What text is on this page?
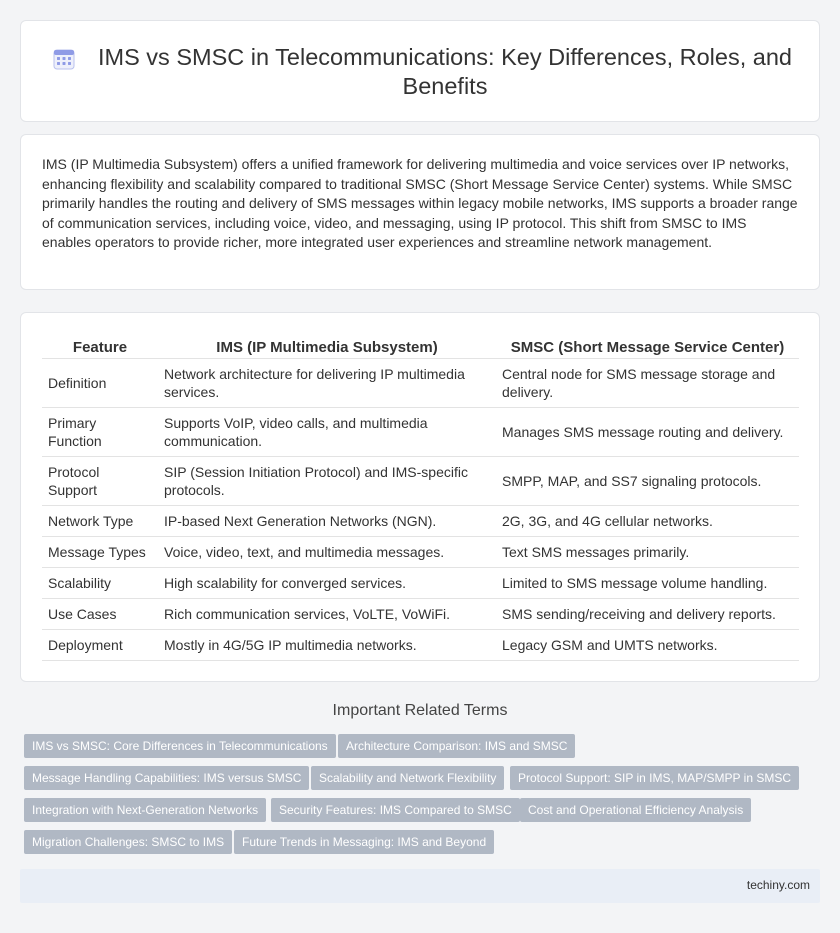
IMS vs SMSC in Telecommunications: Key Differences, Roles, and Benefits

IMS (IP Multimedia Subsystem) offers a unified framework for delivering multimedia and voice services over IP networks, enhancing flexibility and scalability compared to traditional SMSC (Short Message Service Center) systems. While SMSC primarily handles the routing and delivery of SMS messages within legacy mobile networks, IMS supports a broader range of communication services, including voice, video, and messaging, using IP protocol. This shift from SMSC to IMS enables operators to provide richer, more integrated user experiences and streamline network management.

Feature	IMS (IP Multimedia Subsystem)	SMSC (Short Message Service Center)
Definition	Network architecture for delivering IP multimedia services.	Central node for SMS message storage and delivery.
Primary Function	Supports VoIP, video calls, and multimedia communication.	Manages SMS message routing and delivery.
Protocol Support	SIP (Session Initiation Protocol) and IMS-specific protocols.	SMPP, MAP, and SS7 signaling protocols.
Network Type	IP-based Next Generation Networks (NGN).	2G, 3G, and 4G cellular networks.
Message Types	Voice, video, text, and multimedia messages.	Text SMS messages primarily.
Scalability	High scalability for converged services.	Limited to SMS message volume handling.
Use Cases	Rich communication services, VoLTE, VoWiFi.	SMS sending/receiving and delivery reports.
Deployment	Mostly in 4G/5G IP multimedia networks.	Legacy GSM and UMTS networks.
Important Related Terms
IMS vs SMSC: Core Differences in Telecommunications	Architecture Comparison: IMS and SMSC
Message Handling Capabilities: IMS versus SMSC	Scalability and Network Flexibility	Protocol Support: SIP in IMS, MAP/SMPP in SMSC
Integration with Next-Generation Networks	Security Features: IMS Compared to SMSC	Cost and Operational Efficiency Analysis
Migration Challenges: SMSC to IMS	Future Trends in Messaging: IMS and Beyond
techiny.com
